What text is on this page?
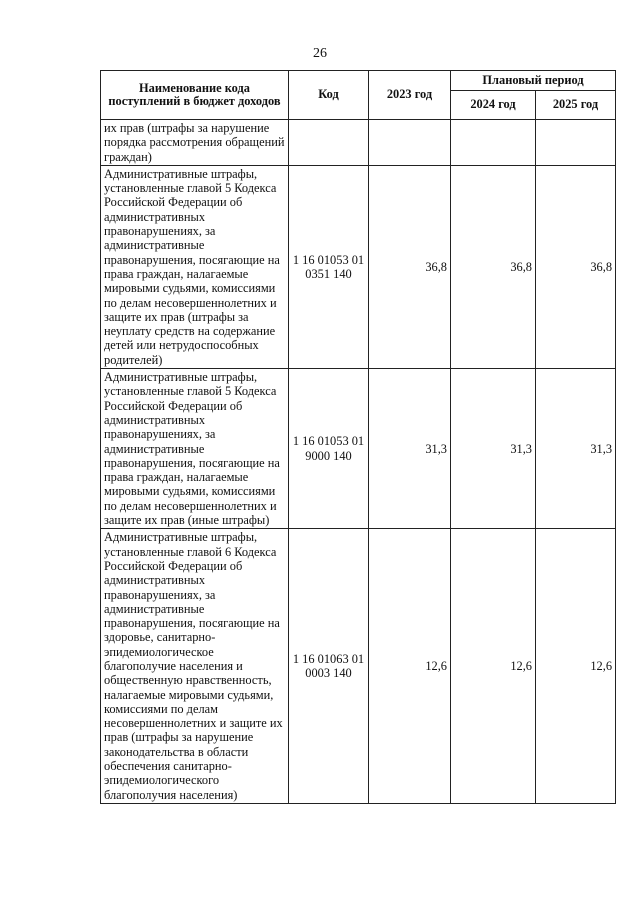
26
Наименование кода поступлений в бюджет доходов	Код	2023 год	Плановый период	
			2024 год	2025 год
их прав (штрафы за нарушение порядка рассмотрения обращений граждан)				
Административные штрафы, установленные главой 5 Кодекса Российской Федерации об административных правонарушениях, за административные правонарушения, посягающие на права граждан, налагаемые мировыми судьями, комиссиями по делам несовершеннолетних и защите их прав (штрафы за неуплату средств на содержание детей или нетрудоспособных родителей)	1 16 01053 01 0351 140	36,8	36,8	36,8
Административные штрафы, установленные главой 5 Кодекса Российской Федерации об административных правонарушениях, за административные правонарушения, посягающие на права граждан, налагаемые мировыми судьями, комиссиями по делам несовершеннолетних и защите их прав (иные штрафы)	1 16 01053 01 9000 140	31,3	31,3	31,3
Административные штрафы, установленные главой 6 Кодекса Российской Федерации об административных правонарушениях, за административные правонарушения, посягающие на здоровье, санитарно-эпидемиологическое благополучие населения и общественную нравственность, налагаемые мировыми судьями, комиссиями по делам несовершеннолетних и защите их прав (штрафы за нарушение законодательства в области обеспечения санитарно-эпидемиологического благополучия населения)	1 16 01063 01 0003 140	12,6	12,6	12,6
